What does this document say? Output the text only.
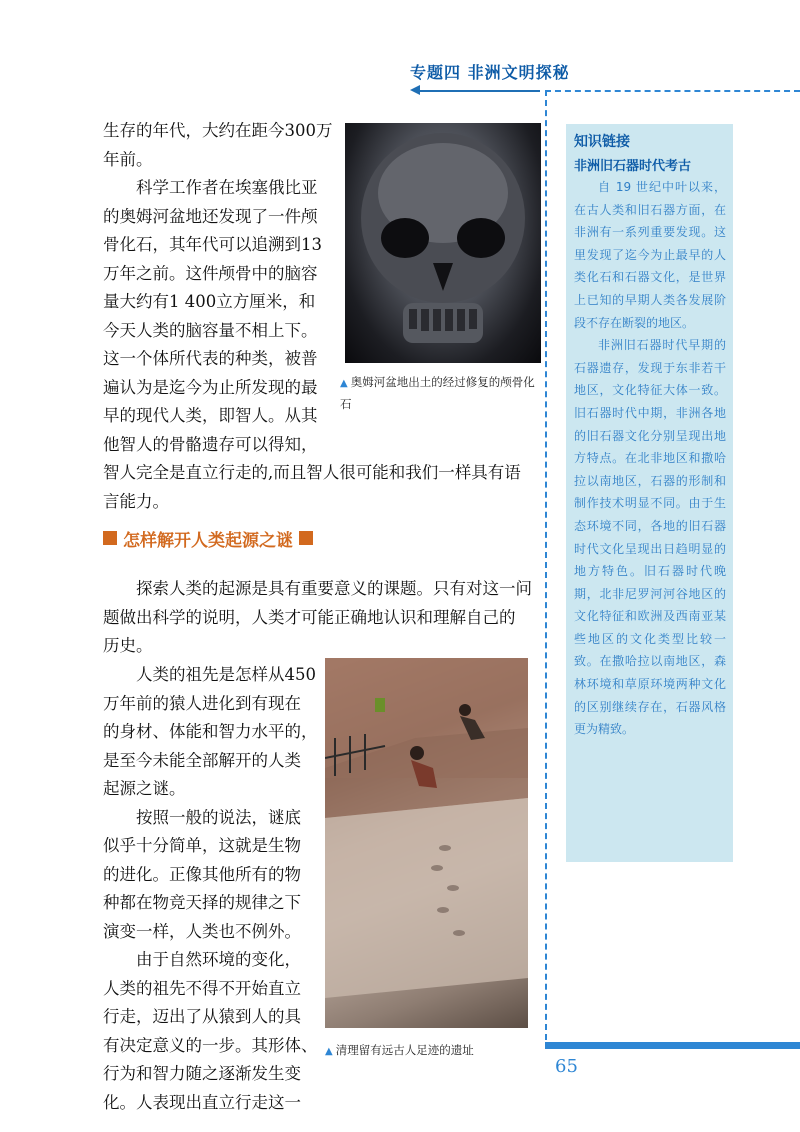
专题四 非洲文明探秘

生存的年代，大约在距今300万

年前。

科学工作者在埃塞俄比亚

的奥姆河盆地还发现了一件颅

骨化石，其年代可以追溯到13

万年之前。这件颅骨中的脑容

量大约有1 400立方厘米，和

今天人类的脑容量不相上下。

这一个体所代表的种类，被普

遍认为是迄今为止所发现的最

早的现代人类，即智人。从其

他智人的骨骼遗存可以得知，

智人完全是直立行走的,而且智人很可能和我们一样具有语

言能力。

▲ 奥姆河盆地出土的经过修复的颅骨化石
怎样解开人类起源之谜

探索人类的起源是具有重要意义的课题。只有对这一问

题做出科学的说明，人类才可能正确地认识和理解自己的

历史。

人类的祖先是怎样从450

万年前的猿人进化到有现在

的身材、体能和智力水平的，

是至今未能全部解开的人类

起源之谜。

按照一般的说法，谜底

似乎十分简单，这就是生物

的进化。正像其他所有的物

种都在物竞天择的规律之下

演变一样，人类也不例外。

由于自然环境的变化，

人类的祖先不得不开始直立

行走，迈出了从猿到人的具

有决定意义的一步。其形体、

行为和智力随之逐渐发生变

化。人表现出直立行走这一

▲ 清理留有远古人足迹的遗址
知识链接
非洲旧石器时代考古

自 19 世纪中叶以来，在古人类和旧石器方面，在非洲有一系列重要发现。这里发现了迄今为止最早的人类化石和石器文化，是世界上已知的早期人类各发展阶段不存在断裂的地区。

非洲旧石器时代早期的石器遗存，发现于东非若干地区，文化特征大体一致。旧石器时代中期，非洲各地的旧石器文化分别呈现出地方特点。在北非地区和撒哈拉以南地区，石器的形制和制作技术明显不同。由于生态环境不同，各地的旧石器时代文化呈现出日趋明显的地方特色。旧石器时代晚期，北非尼罗河河谷地区的文化特征和欧洲及西南亚某些地区的文化类型比较一致。在撒哈拉以南地区，森林环境和草原环境两种文化的区别继续存在，石器风格更为精致。

65
